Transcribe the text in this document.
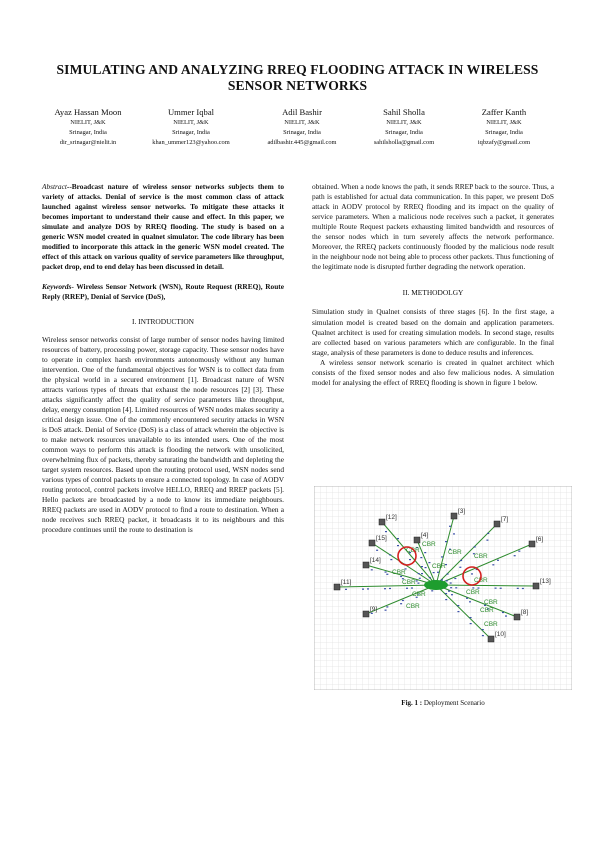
SIMULATING AND ANALYZING RREQ FLOODING ATTACK IN WIRELESS SENSOR NETWORKS
Ayaz Hassan Moon
NIELIT, J&K
Srinagar, India
dir_srinagar@nielit.in
Ummer Iqbal
NIELIT, J&K
Srinagar, India
khan_ummer123@yahoo.com
Adil Bashir
NIELIT, J&K
Srinagar, India
adilbashir.445@gmail.com
Sahil Sholla
NIELIT, J&K
Srinagar, India
sahilsholla@gmail.com
Zaffer Kanth
NIELIT, J&K
Srinagar, India
iqbzafy@gmail.com

Abstract--Broadcast nature of wireless sensor networks subjects them to variety of attacks. Denial of service is the most common class of attack launched against wireless sensor networks. To mitigate these attacks it becomes important to understand their cause and effect. In this paper, we simulate and analyze DOS by RREQ flooding. The study is based on a generic WSN model created in qualnet simulator. The code library has been modified to incorporate this attack in the generic WSN model created. The effect of this attack on various quality of service parameters like throughput, packet drop, end to end delay has been discussed in detail.

Keywords- Wireless Sensor Network (WSN), Route Request (RREQ), Route Reply (RREP), Denial of Service (DoS),

I. INTRODUCTION

Wireless sensor networks consist of large number of sensor nodes having limited resources of battery, processing power, storage capacity. These sensor nodes have to operate in complex harsh environments autonomously without any human intervention. One of the fundamental objectives for WSN is to collect data from the physical world in a secured environment [1]. Broadcast nature of WSN attracts various types of threats that exhaust the node resources [2] [3]. These attacks significantly affect the quality of service parameters like throughput, delay, energy consumption [4]. Limited resources of WSN nodes makes security a critical design issue. One of the commonly encountered security attacks in WSN is DoS attack. Denial of Service (DoS) is a class of attack wherein the objective is to make network resources unavailable to its intended users. One of the most common ways to perform this attack is flooding the network with unsolicited, overwhelming flux of packets, thereby saturating the bandwidth and depleting the target system resources. Based upon the routing protocol used, WSN nodes send various types of control packets to ensure a connected topology. In case of AODV routing protocol, control packets involve HELLO, RREQ and RREP packets [5]. Hello packets are broadcasted by a node to know its immediate neighbours. RREQ packets are used in AODV protocol to find a route to destination. When a node receives such RREQ packet, it broadcasts it to its neighbours and this procedure continues until the route to destination is

obtained. When a node knows the path, it sends RREP back to the source. Thus, a path is established for actual data communication. In this paper, we present DoS attack in AODV protocol by RREQ flooding and its impact on the quality of service parameters. When a malicious node receives such a packet, it generates multiple Route Request packets exhausting limited bandwidth and resources of the sensor nodes which in turn severely affects the network performance. Moreover, the RREQ packets continuously flooded by the malicious node result in the neighbour node not being able to process other packets. Thus functioning of the legitimate node is disrupted further degrading the network operation.

II. METHODOLGY

Simulation study in Qualnet consists of three stages [6]. In the first stage, a simulation model is created based on the domain and application parameters. Qualnet architect is used for creating simulation models. In second stage, results are collected based on various parameters which are configurable. In the final stage, analysis of these parameters is done to deduce results and inferences.

A wireless sensor network scenario is created in qualnet architect which consists of the fixed sensor nodes and also few malicious nodes. A simulation model for analysing the effect of RREQ flooding is shown in figure 1 below.

CBR
CBR
CBR
CBR
CBR
CBR	CBR
CBR	CBR
CBR
CBR
CBR
CBR
CBR
[12]
[4]
[3]
[7]
[15]	[6]
[14]
[11]	[13]
[9]	[8]
[10]
Fig. 1 : Deployment Scenario
